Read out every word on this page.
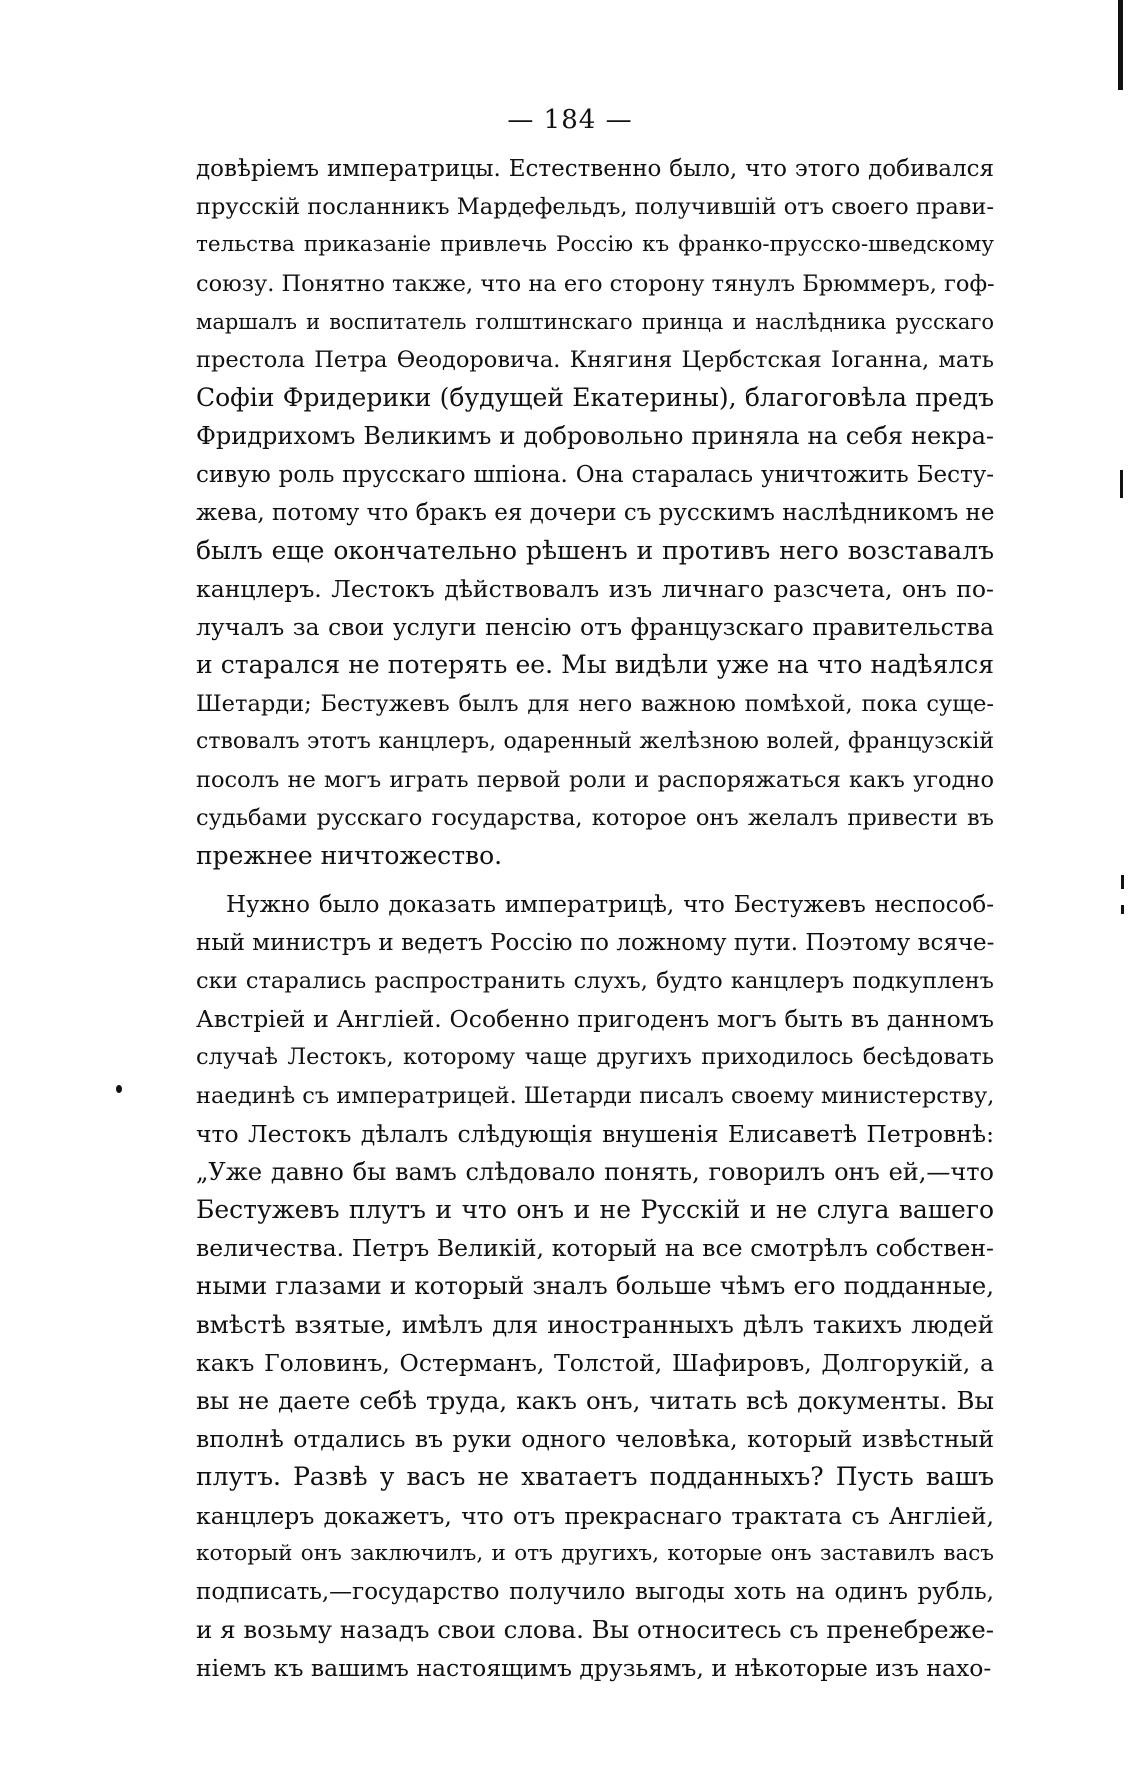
— 184 —
довѣріемъ императрицы. Естественно было, что этого добивался
прусскій посланникъ Мардефельдъ, получившій отъ своего прави-
тельства приказаніе привлечь Россію къ франко-прусско-шведскому
союзу. Понятно также, что на его сторону тянулъ Брюммеръ, гоф-
маршалъ и воспитатель голштинскаго принца и наслѣдника русскаго
престола Петра Ѳеодоровича. Княгиня Цербстская Іоганна, мать
Софіи Фридерики (будущей Екатерины), благоговѣла предъ
Фридрихомъ Великимъ и добровольно приняла на себя некра-
сивую роль прусскаго шпіона. Она старалась уничтожить Бесту-
жева, потому что бракъ ея дочери съ русскимъ наслѣдникомъ не
былъ еще окончательно рѣшенъ и противъ него возставалъ
канцлеръ. Лестокъ дѣйствовалъ изъ личнаго разсчета, онъ по-
лучалъ за свои услуги пенсію отъ французскаго правительства
и старался не потерять ее. Мы видѣли уже на что надѣялся
Шетарди; Бестужевъ былъ для него важною помѣхой, пока суще-
ствовалъ этотъ канцлеръ, одаренный желѣзною волей, французскій
посолъ не могъ играть первой роли и распоряжаться какъ угодно
судьбами русскаго государства, которое онъ желалъ привести въ
прежнее ничтожество.
Нужно было доказать императрицѣ, что Бестужевъ неспособ-
ный министръ и ведетъ Россію по ложному пути. Поэтому всяче-
ски старались распространить слухъ, будто канцлеръ подкупленъ
Австріей и Англіей. Особенно пригоденъ могъ быть въ данномъ
случаѣ Лестокъ, которому чаще другихъ приходилось бесѣдовать
наединѣ съ императрицей. Шетарди писалъ своему министерству,
что Лестокъ дѣлалъ слѣдующія внушенія Елисаветѣ Петровнѣ:
„Уже давно бы вамъ слѣдовало понять, говорилъ онъ ей,—что
Бестужевъ плутъ и что онъ и не Русскій и не слуга вашего
величества. Петръ Великій, который на все смотрѣлъ собствен-
ными глазами и который зналъ больше чѣмъ его подданные,
вмѣстѣ взятые, имѣлъ для иностранныхъ дѣлъ такихъ людей
какъ Головинъ, Остерманъ, Толстой, Шафировъ, Долгорукій, а
вы не даете себѣ труда, какъ онъ, читать всѣ документы. Вы
вполнѣ отдались въ руки одного человѣка, который извѣстный
плутъ. Развѣ у васъ не хватаетъ подданныхъ? Пусть вашъ
канцлеръ докажетъ, что отъ прекраснаго трактата съ Англіей,
который онъ заключилъ, и отъ другихъ, которые онъ заставилъ васъ
подписать,—государство получило выгоды хоть на одинъ рубль,
и я возьму назадъ свои слова. Вы относитесь съ пренебреже-
ніемъ къ вашимъ настоящимъ друзьямъ, и нѣкоторые изъ нахо-
